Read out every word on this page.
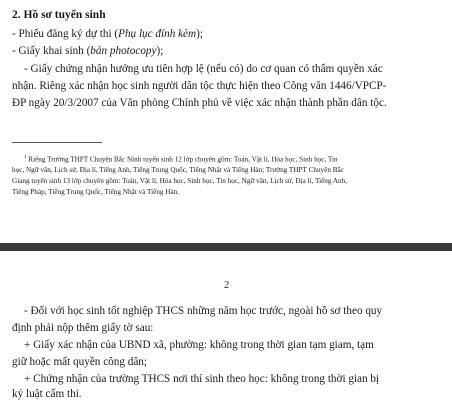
2. Hồ sơ tuyển sinh
- Phiếu đăng ký dự thi (Phụ lục đính kèm);
- Giấy khai sinh (bản photocopy);
- Giấy chứng nhận hưởng ưu tiên hợp lệ (nếu có) do cơ quan có thẩm quyền xác
nhận. Riêng xác nhận học sinh người dân tộc thực hiện theo Công văn 1446/VPCP-
ĐP ngày 20/3/2007 của Văn phòng Chính phủ về việc xác nhận thành phần dân tộc.
$^1$ Riêng Trường THPT Chuyên Bắc Ninh tuyển sinh 12 lớp chuyên gồm: Toán, Vật lí, Hóa học, Sinh học, Tin
học, Ngữ văn, Lịch sử, Địa lí, Tiếng Anh, Tiếng Trung Quốc, Tiếng Nhật và Tiếng Hàn; Trường THPT Chuyên Bắc
Giang tuyển sinh 13 lớp chuyên gồm: Toán, Vật lí, Hóa học, Sinh học, Tin học, Ngữ văn, Lịch sử, Địa lí, Tiếng Anh,
Tiếng Pháp, Tiếng Trung Quốc, Tiếng Nhật và Tiếng Hàn.
2
- Đối với học sinh tốt nghiệp THCS những năm học trước, ngoài hồ sơ theo quy
định phải nộp thêm giấy tờ sau:
+ Giấy xác nhận của UBND xã, phường: không trong thời gian tạm giam, tạm
giữ hoặc mất quyền công dân;
+ Chứng nhận của trường THCS nơi thí sinh theo học: không trong thời gian bị
kỷ luật cấm thi.
